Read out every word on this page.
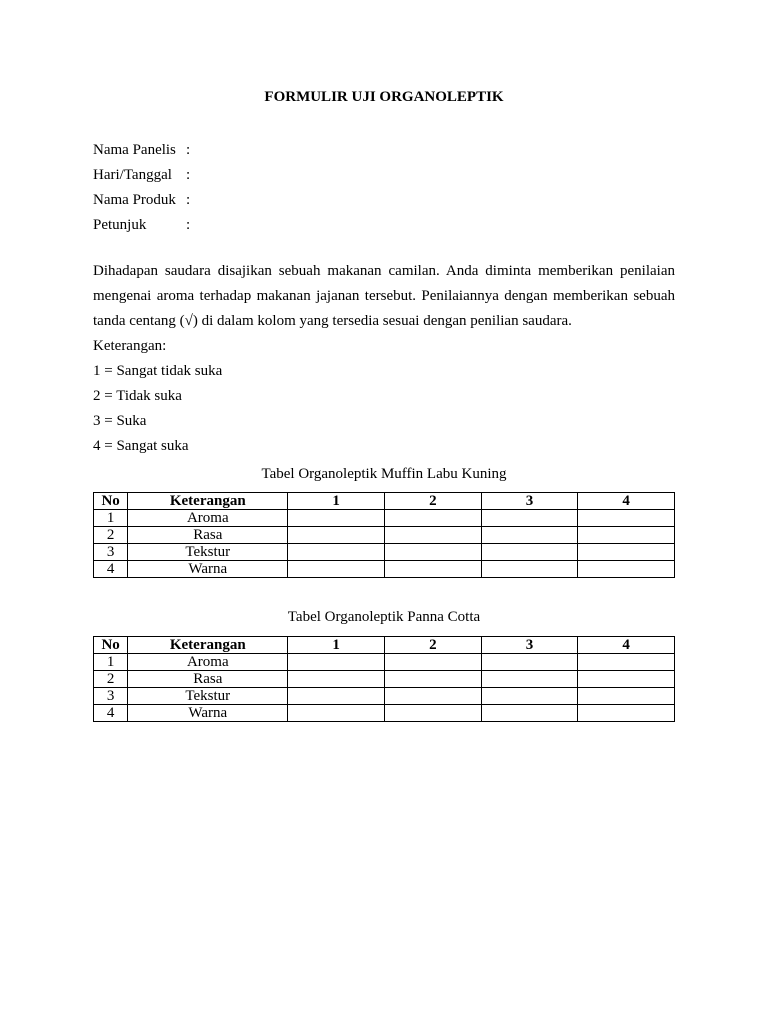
FORMULIR UJI ORGANOLEPTIK
Nama Panelis :
Hari/Tanggal :
Nama Produk :
Petunjuk	:
Dihadapan saudara disajikan sebuah makanan camilan. Anda diminta memberikan penilaian mengenai aroma terhadap makanan jajanan tersebut. Penilaiannya dengan memberikan sebuah tanda centang (√) di dalam kolom yang tersedia sesuai dengan penilian saudara.
Keterangan:
1 = Sangat tidak suka
2 = Tidak suka
3 = Suka
4 = Sangat suka
Tabel Organoleptik Muffin Labu Kuning
No	Keterangan	1	2	3	4
1	Aroma				
2	Rasa				
3	Tekstur				
4	Warna				
Tabel Organoleptik Panna Cotta
No	Keterangan	1	2	3	4
1	Aroma				
2	Rasa				
3	Tekstur				
4	Warna				
